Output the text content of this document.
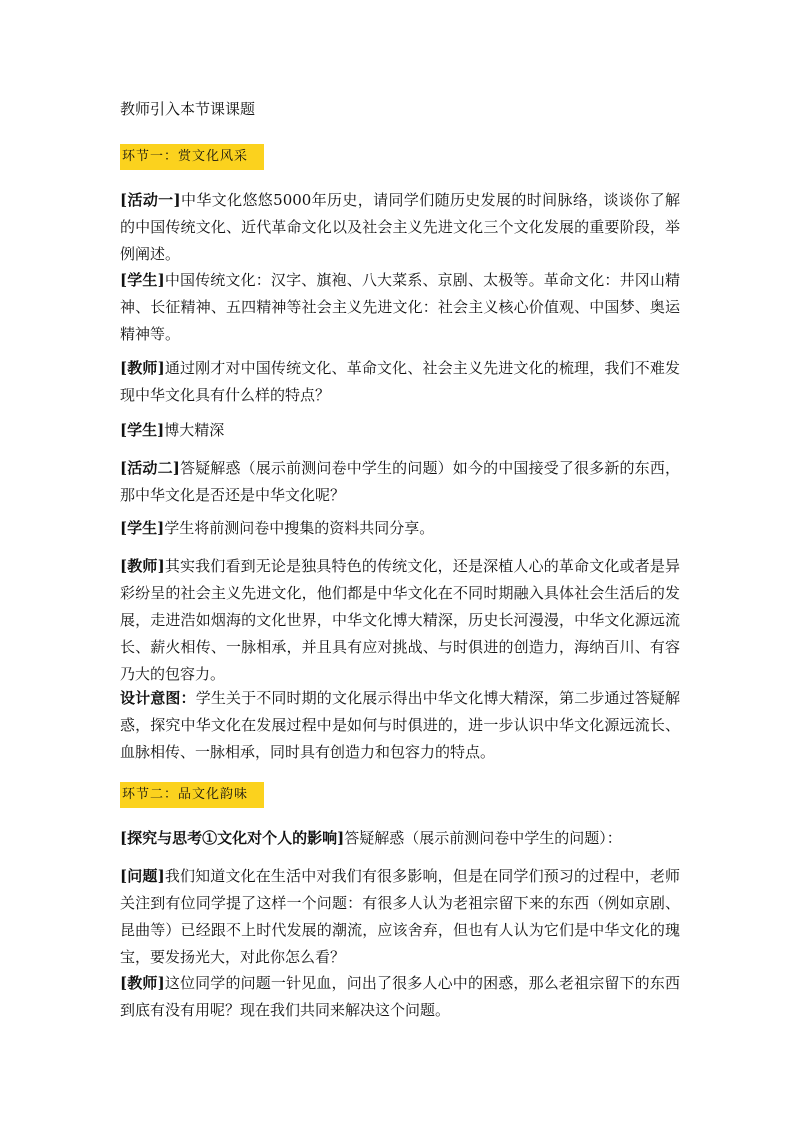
教师引入本节课课题
环节一：赏文化风采
[活动一]中华文化悠悠5000年历史，请同学们随历史发展的时间脉络，谈谈你了解的中国传统文化、近代革命文化以及社会主义先进文化三个文化发展的重要阶段，举例阐述。
[学生]中国传统文化：汉字、旗袍、八大菜系、京剧、太极等。革命文化：井冈山精神、长征精神、五四精神等社会主义先进文化：社会主义核心价值观、中国梦、奥运精神等。
[教师]通过刚才对中国传统文化、革命文化、社会主义先进文化的梳理，我们不难发现中华文化具有什么样的特点？
[学生]博大精深
[活动二]答疑解惑（展示前测问卷中学生的问题）如今的中国接受了很多新的东西，那中华文化是否还是中华文化呢？
[学生]学生将前测问卷中搜集的资料共同分享。
[教师]其实我们看到无论是独具特色的传统文化，还是深植人心的革命文化或者是异彩纷呈的社会主义先进文化，他们都是中华文化在不同时期融入具体社会生活后的发展，走进浩如烟海的文化世界，中华文化博大精深，历史长河漫漫，中华文化源远流长、薪火相传、一脉相承，并且具有应对挑战、与时俱进的创造力，海纳百川、有容乃大的包容力。
设计意图：学生关于不同时期的文化展示得出中华文化博大精深，第二步通过答疑解惑，探究中华文化在发展过程中是如何与时俱进的，进一步认识中华文化源远流长、血脉相传、一脉相承，同时具有创造力和包容力的特点。
环节二：品文化韵味
[探究与思考①文化对个人的影响]答疑解惑（展示前测问卷中学生的问题）：
[问题]我们知道文化在生活中对我们有很多影响，但是在同学们预习的过程中，老师关注到有位同学提了这样一个问题：有很多人认为老祖宗留下来的东西（例如京剧、昆曲等）已经跟不上时代发展的潮流，应该舍弃，但也有人认为它们是中华文化的瑰宝，要发扬光大，对此你怎么看？
[教师]这位同学的问题一针见血，问出了很多人心中的困惑，那么老祖宗留下的东西到底有没有用呢？现在我们共同来解决这个问题。
